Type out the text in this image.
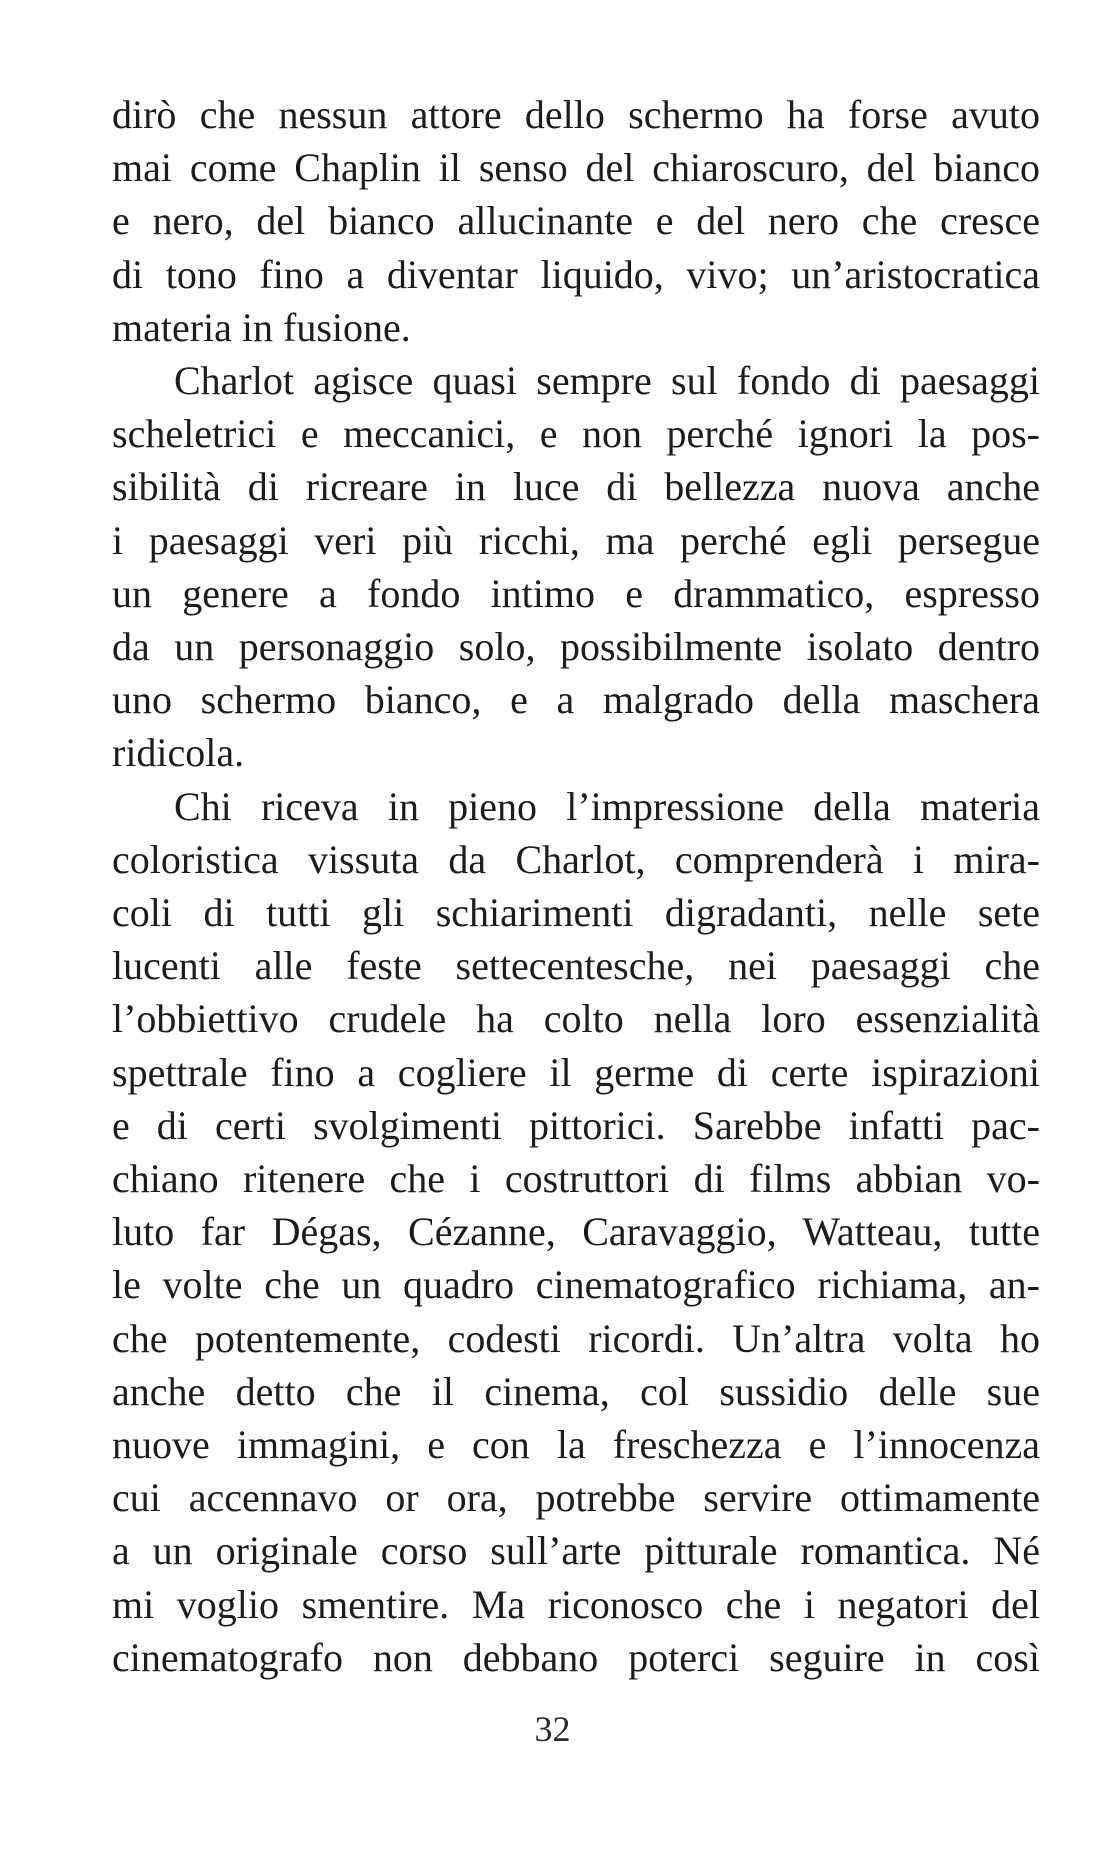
dirò che nessun attore dello schermo ha forse avuto
mai come Chaplin il senso del chiaroscuro, del bianco
e nero, del bianco allucinante e del nero che cresce
di tono fino a diventar liquido, vivo; un’aristocratica
materia in fusione.

Charlot agisce quasi sempre sul fondo di paesaggi
scheletrici e meccanici, e non perché ignori la pos-
sibilità di ricreare in luce di bellezza nuova anche
i paesaggi veri più ricchi, ma perché egli persegue
un genere a fondo intimo e drammatico, espresso
da un personaggio solo, possibilmente isolato dentro
uno schermo bianco, e a malgrado della maschera
ridicola.

Chi riceva in pieno l’impressione della materia
coloristica vissuta da Charlot, comprenderà i mira-
coli di tutti gli schiarimenti digradanti, nelle sete
lucenti alle feste settecentesche, nei paesaggi che
l’obbiettivo crudele ha colto nella loro essenzialità
spettrale fino a cogliere il germe di certe ispirazioni
e di certi svolgimenti pittorici. Sarebbe infatti pac-
chiano ritenere che i costruttori di films abbian vo-
luto far Dégas, Cézanne, Caravaggio, Watteau, tutte
le volte che un quadro cinematografico richiama, an-
che potentemente, codesti ricordi. Un’altra volta ho
anche detto che il cinema, col sussidio delle sue
nuove immagini, e con la freschezza e l’innocenza
cui accennavo or ora, potrebbe servire ottimamente
a un originale corso sull’arte pitturale romantica. Né
mi voglio smentire. Ma riconosco che i negatori del
cinematografo non debbano poterci seguire in così

32
